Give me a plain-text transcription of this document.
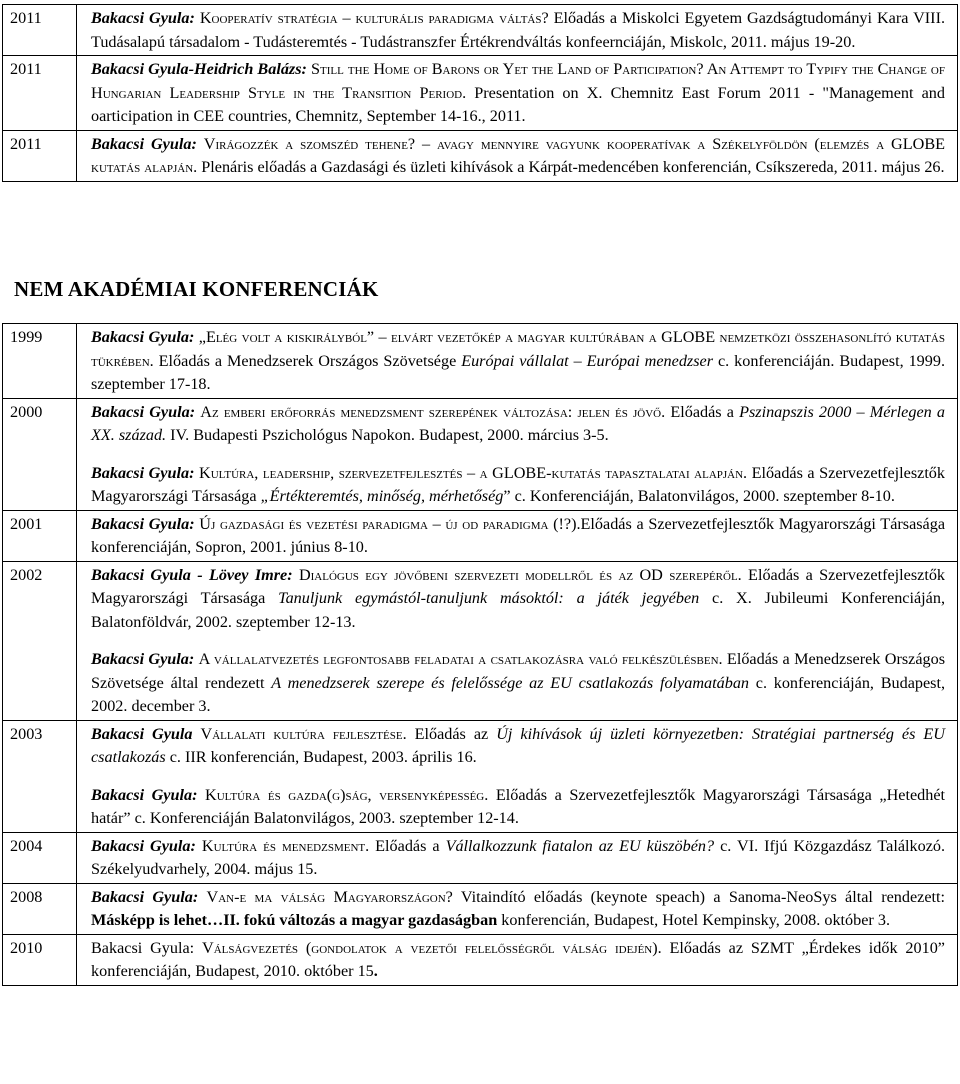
2011	Bakacsi Gyula: Kooperatív stratégia – kulturális paradigma váltás? Előadás a Miskolci Egyetem Gazdságtudományi Kara VIII. Tudásalapú társadalom - Tudásteremtés - Tudástranszfer Értékrendváltás konfeernciáján, Miskolc, 2011. május 19-20.

2011	Bakacsi Gyula-Heidrich Balázs: Still the Home of Barons or Yet the Land of Participation? An Attempt to Typify the Change of Hungarian Leadership Style in the Transition Period. Presentation on X. Chemnitz East Forum 2011 - "Management and oarticipation in CEE countries, Chemnitz, September 14-16., 2011.

2011	Bakacsi Gyula: Virágozzék a szomszéd tehene? – avagy mennyire vagyunk kooperatívak a Székelyföldön (elemzés a GLOBE kutatás alapján. Plenáris előadás a Gazdasági és üzleti kihívások a Kárpát-medencében konferencián, Csíkszereda, 2011. május 26.

NEM AKADÉMIAI KONFERENCIÁK
1999	Bakacsi Gyula: „Elég volt a kiskirályból” – elvárt vezetőkép a magyar kultúrában a GLOBE nemzetközi összehasonlító kutatás tükrében. Előadás a Menedzserek Országos Szövetsége Európai vállalat – Európai menedzser c. konferenciáján. Budapest, 1999. szeptember 17-18.

2000	Bakacsi Gyula: Az emberi erőforrás menedzsment szerepének változása: jelen és jövő. Előadás a Pszinapszis 2000 – Mérlegen a XX. század. IV. Budapesti Pszichológus Napokon. Budapest, 2000. március 3-5.

Bakacsi Gyula: Kultúra, leadership, szervezetfejlesztés – a GLOBE-kutatás tapasztalatai alapján. Előadás a Szervezetfejlesztők Magyarországi Társasága „Értékteremtés, minőség, mérhetőség” c. Konferenciáján, Balatonvilágos, 2000. szeptember 8-10.

2001	Bakacsi Gyula: Új gazdasági és vezetési paradigma – új od paradigma (!?).Előadás a Szervezetfejlesztők Magyarországi Társasága konferenciáján, Sopron, 2001. június 8-10.

2002	Bakacsi Gyula - Lövey Imre: Dialógus egy jövőbeni szervezeti modellről és az OD szerepéről. Előadás a Szervezetfejlesztők Magyarországi Társasága Tanuljunk egymástól-tanuljunk másoktól: a játék jegyében c. X. Jubileumi Konferenciáján, Balatonföldvár, 2002. szeptember 12-13.

Bakacsi Gyula: A vállalatvezetés legfontosabb feladatai a csatlakozásra való felkészülésben. Előadás a Menedzserek Országos Szövetsége által rendezett A menedzserek szerepe és felelőssége az EU csatlakozás folyamatában c. konferenciáján, Budapest, 2002. december 3.

2003	Bakacsi Gyula Vállalati kultúra fejlesztése. Előadás az Új kihívások új üzleti környezetben: Stratégiai partnerség és EU csatlakozás c. IIR konferencián, Budapest, 2003. április 16.

Bakacsi Gyula: Kultúra és gazda(g)ság, versenyképesség. Előadás a Szervezetfejlesztők Magyarországi Társasága „Hetedhét határ” c. Konferenciáján Balatonvilágos, 2003. szeptember 12-14.

2004	Bakacsi Gyula: Kultúra és menedzsment. Előadás a Vállalkozzunk fiatalon az EU küszöbén? c. VI. Ifjú Közgazdász Találkozó. Székelyudvarhely, 2004. május 15.

2008	Bakacsi Gyula: Van-e ma válság Magyarországon? Vitaindító előadás (keynote speach) a Sanoma-NeoSys által rendezett: Másképp is lehet…II. fokú változás a magyar gazdaságban konferencián, Budapest, Hotel Kempinsky, 2008. október 3.

2010	Bakacsi Gyula: Válságvezetés (gondolatok a vezetői felelősségről válság idején). Előadás az SZMT „Érdekes idők 2010” konferenciáján, Budapest, 2010. október 15.
